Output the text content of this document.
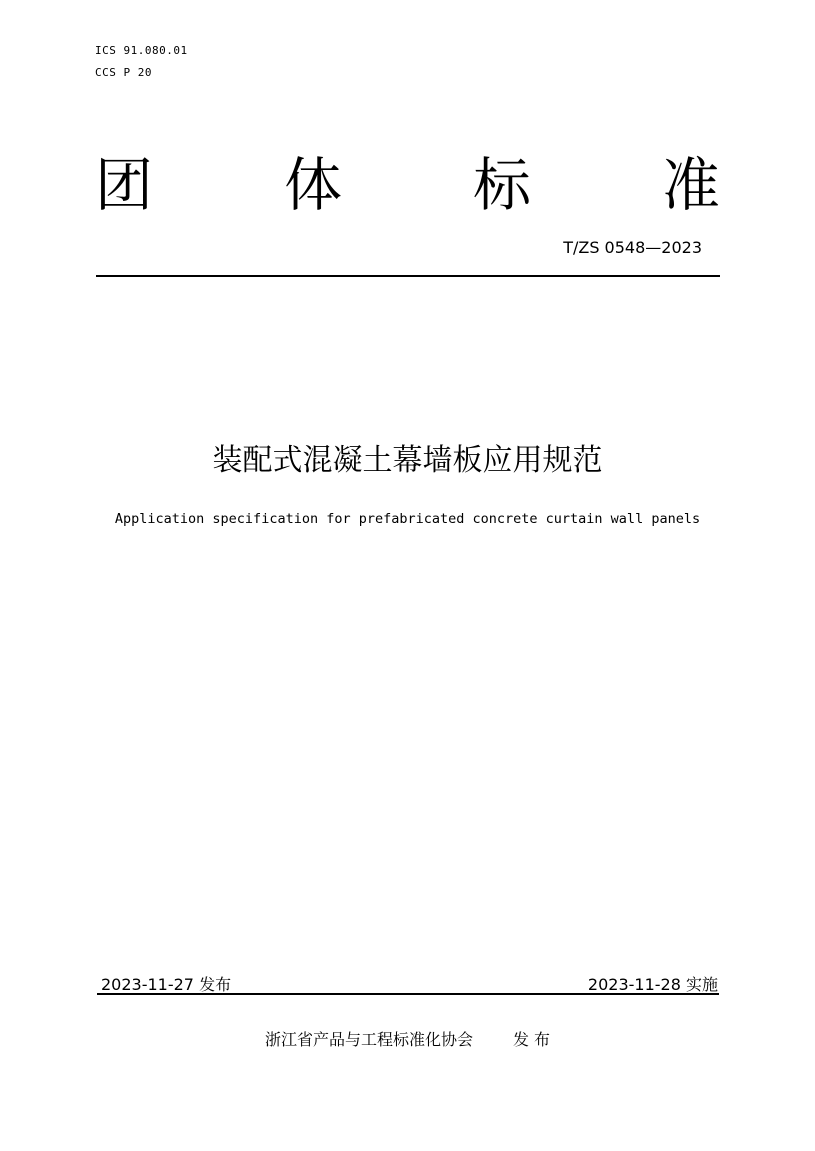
ICS 91.080.01
CCS P 20
团 体 标 准
T/ZS 0548—2023
装配式混凝土幕墙板应用规范
Application specification for prefabricated concrete curtain wall panels
2023-11-27 发布	2023-11-28 实施
浙江省产品与工程标准化协会	发 布
